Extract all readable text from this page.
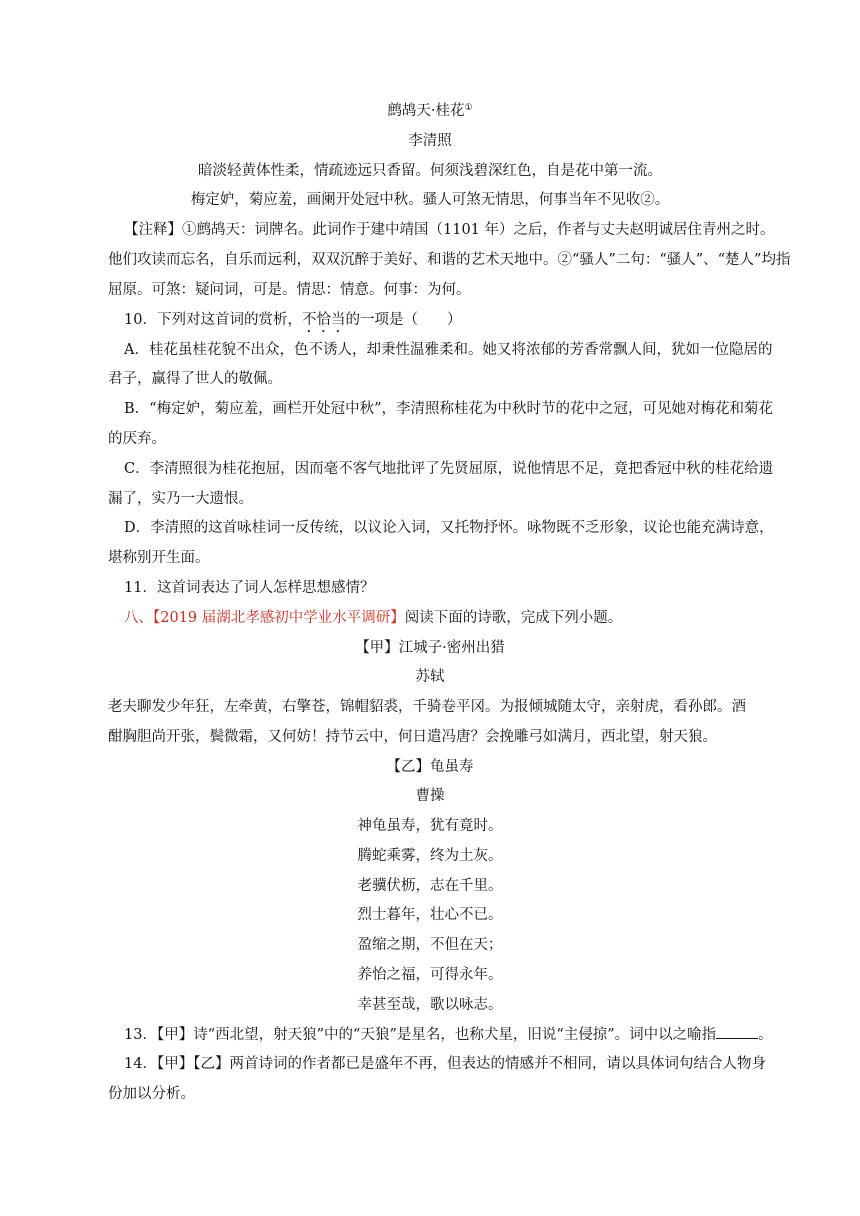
鹧鸪天·桂花①
李清照
暗淡轻黄体性柔，情疏迹远只香留。何须浅碧深红色，自是花中第一流。
梅定妒，菊应羞，画阑开处冠中秋。骚人可煞无情思，何事当年不见收②。
【注释】①鹧鸪天：词牌名。此词作于建中靖国（1101 年）之后，作者与丈夫赵明诚居住青州之时。
他们攻读而忘名，自乐而远利，双双沉醉于美好、和谐的艺术天地中。②“骚人”二句：“骚人”、“楚人”均指
屈原。可煞：疑问词，可是。情思：情意。何事：为何。
10．下列对这首词的赏析，不恰当的一项是（　　）
A．桂花虽桂花貌不出众，色不诱人，却秉性温雅柔和。她又将浓郁的芳香常飘人间，犹如一位隐居的
君子，赢得了世人的敬佩。
B．“梅定妒，菊应羞，画栏开处冠中秋”，李清照称桂花为中秋时节的花中之冠，可见她对梅花和菊花
的厌弃。
C．李清照很为桂花抱屈，因而毫不客气地批评了先贤屈原，说他情思不足，竟把香冠中秋的桂花给遗
漏了，实乃一大遗恨。
D．李清照的这首咏桂词一反传统，以议论入词，又托物抒怀。咏物既不乏形象，议论也能充满诗意，
堪称别开生面。
11．这首词表达了词人怎样思想感情？
八、【2019 届湖北孝感初中学业水平调研】阅读下面的诗歌，完成下列小题。
【甲】江城子·密州出猎
苏轼
老夫聊发少年狂，左牵黄，右擎苍，锦帽貂裘，千骑卷平冈。为报倾城随太守，亲射虎，看孙郎。酒
酣胸胆尚开张，鬓微霜，又何妨！持节云中，何日遣冯唐？会挽雕弓如满月，西北望，射天狼。
【乙】龟虽寿
曹操
神龟虽寿，犹有竟时。
腾蛇乘雾，终为土灰。
老骥伏枥，志在千里。
烈士暮年，壮心不已。
盈缩之期，不但在天；
养怡之福，可得永年。
幸甚至哉，歌以咏志。
13．【甲】诗“西北望，射天狼”中的“天狼”是星名，也称犬星，旧说“主侵掠”。词中以之喻指	。
14．【甲】【乙】两首诗词的作者都已是盛年不再，但表达的情感并不相同，请以具体词句结合人物身
份加以分析。
